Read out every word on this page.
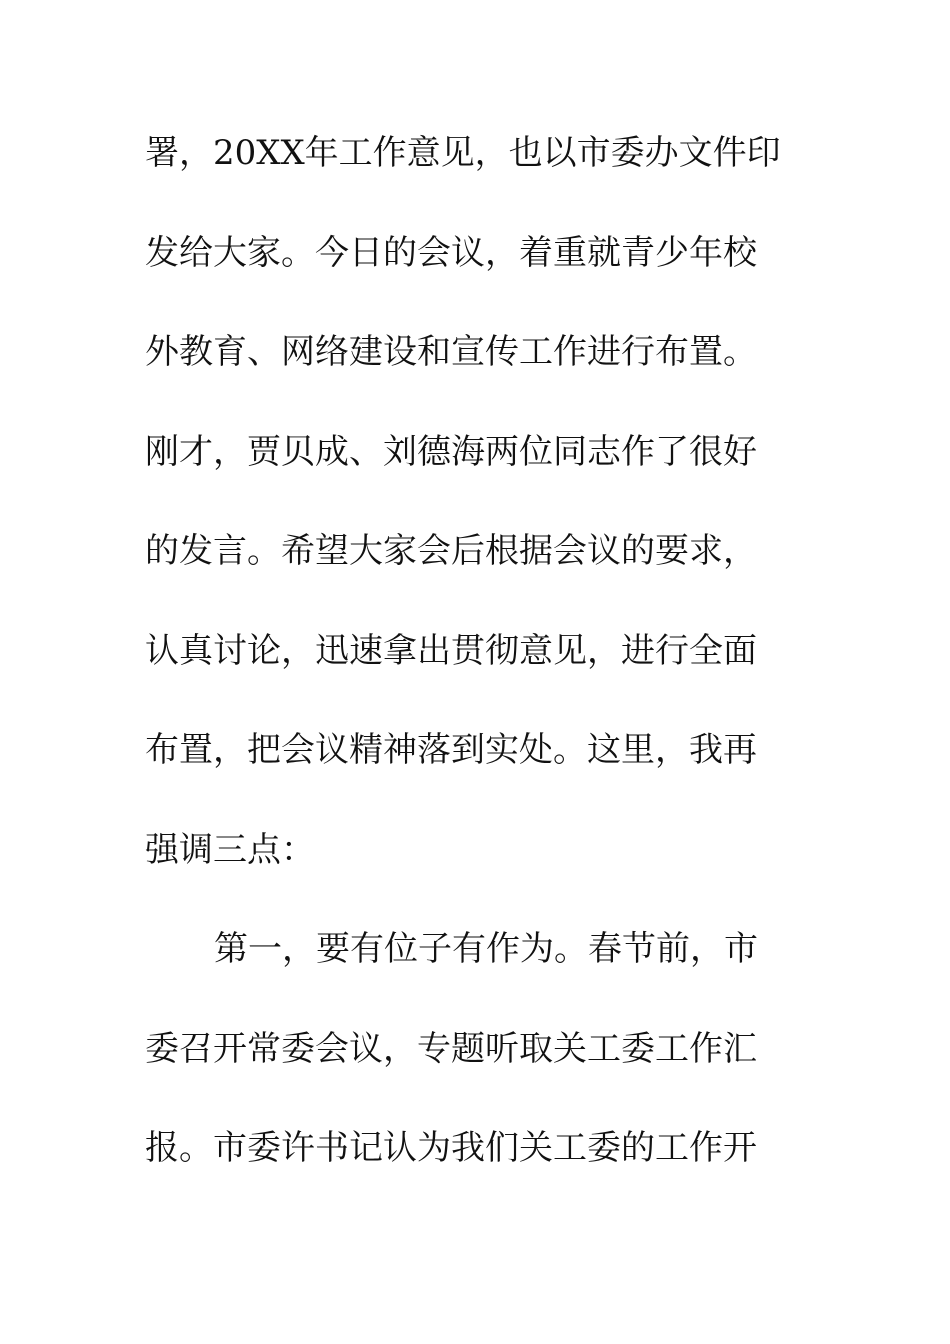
署，20XX年工作意见，也以市委办文件印
发给大家。今日的会议，着重就青少年校
外教育、网络建设和宣传工作进行布置。
刚才，贾贝成、刘德海两位同志作了很好
的发言。希望大家会后根据会议的要求，
认真讨论，迅速拿出贯彻意见，进行全面
布置，把会议精神落到实处。这里，我再
强调三点：
第一，要有位子有作为。春节前，市
委召开常委会议，专题听取关工委工作汇
报。市委许书记认为我们关工委的工作开
